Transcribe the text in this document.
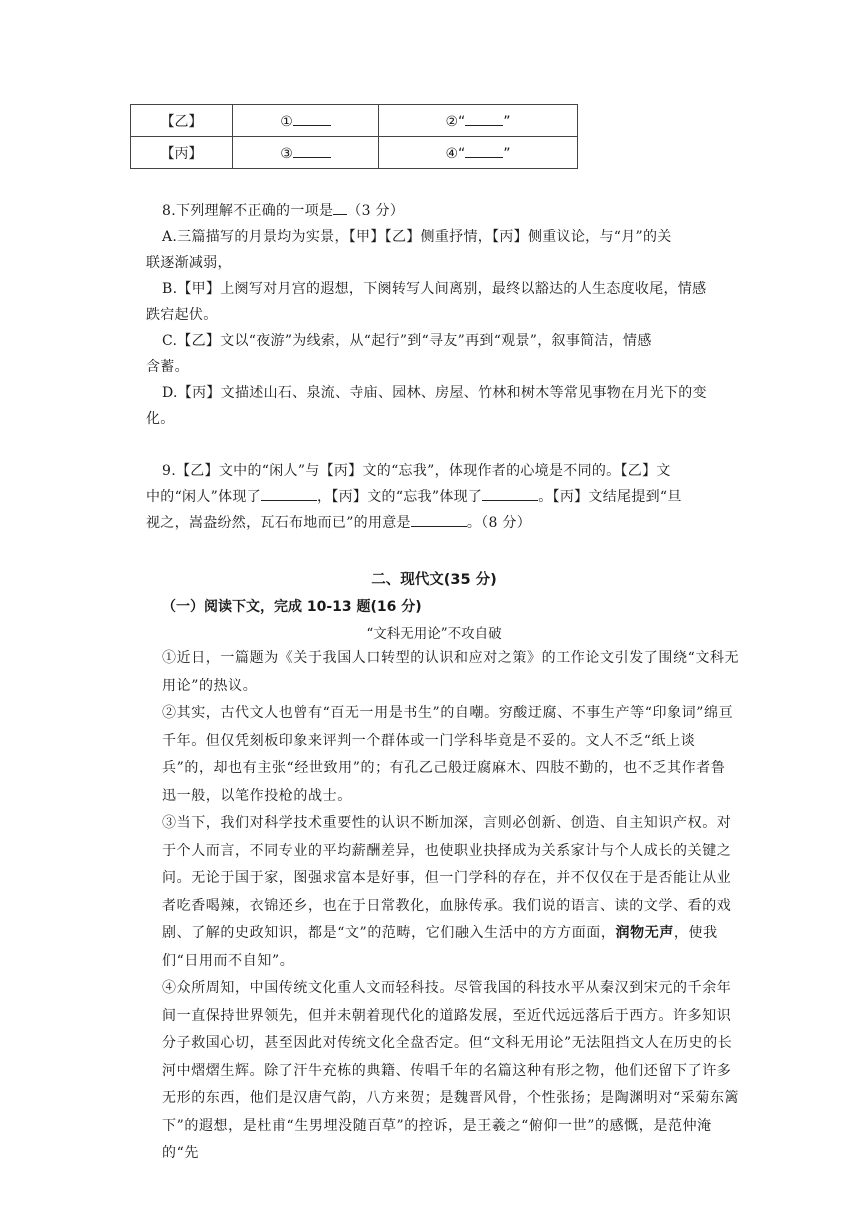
【乙】	①	②“ ”
【丙】	③	④“ ”

8.下列理解不正确的一项是 （3 分）

A.三篇描写的月景均为实景，【甲】【乙】侧重抒情，【丙】侧重议论，与“月”的关

联逐渐减弱，

B.【甲】上阕写对月宫的遐想，下阕转写人间离别，最终以豁达的人生态度收尾，情感

跌宕起伏。

C.【乙】文以“夜游”为线索，从“起行”到“寻友”再到“观景”，叙事简洁，情感

含蓄。

D.【丙】文描述山石、泉流、寺庙、园林、房屋、竹林和树木等常见事物在月光下的变

化。

9.【乙】文中的“闲人”与【丙】文的“忘我”，体现作者的心境是不同的。【乙】文

中的“闲人”体现了	，【丙】文的“忘我”体现了	。【丙】文结尾提到“旦

视之，嵩盎纷然，瓦石布地而已”的用意是	。（8 分）

二、现代文(35 分)
（一）阅读下文，完成 10-13 题(16 分)
“文科无用论”不攻自破

①近日，一篇题为《关于我国人口转型的认识和应对之策》的工作论文引发了围绕“文科无用论”的热议。

②其实，古代文人也曾有“百无一用是书生”的自嘲。穷酸迂腐、不事生产等“印象词”绵亘千年。但仅凭刻板印象来评判一个群体或一门学科毕竟是不妥的。文人不乏“纸上谈兵”的，却也有主张“经世致用”的；有孔乙己般迂腐麻木、四肢不勤的，也不乏其作者鲁迅一般，以笔作投枪的战士。

③当下，我们对科学技术重要性的认识不断加深，言则必创新、创造、自主知识产权。对于个人而言，不同专业的平均薪酬差异，也使职业抉择成为关系家计与个人成长的关键之问。无论于国于家，图强求富本是好事，但一门学科的存在，并不仅仅在于是否能让从业者吃香喝辣，衣锦还乡，也在于日常教化，血脉传承。我们说的语言、读的文学、看的戏剧、了解的史政知识，都是“文”的范畴，它们融入生活中的方方面面，润物无声，使我们“日用而不自知”。

④众所周知，中国传统文化重人文而轻科技。尽管我国的科技水平从秦汉到宋元的千余年间一直保持世界领先，但并未朝着现代化的道路发展，至近代远远落后于西方。许多知识分子救国心切，甚至因此对传统文化全盘否定。但“文科无用论”无法阻挡文人在历史的长河中熠熠生辉。除了汗牛充栋的典籍、传唱千年的名篇这种有形之物，他们还留下了许多无形的东西，他们是汉唐气韵，八方来贺；是魏晋风骨，个性张扬；是陶渊明对“采菊东篱下”的遐想，是杜甫“生男埋没随百草”的控诉，是王羲之“俯仰一世”的感慨，是范仲淹的“先
